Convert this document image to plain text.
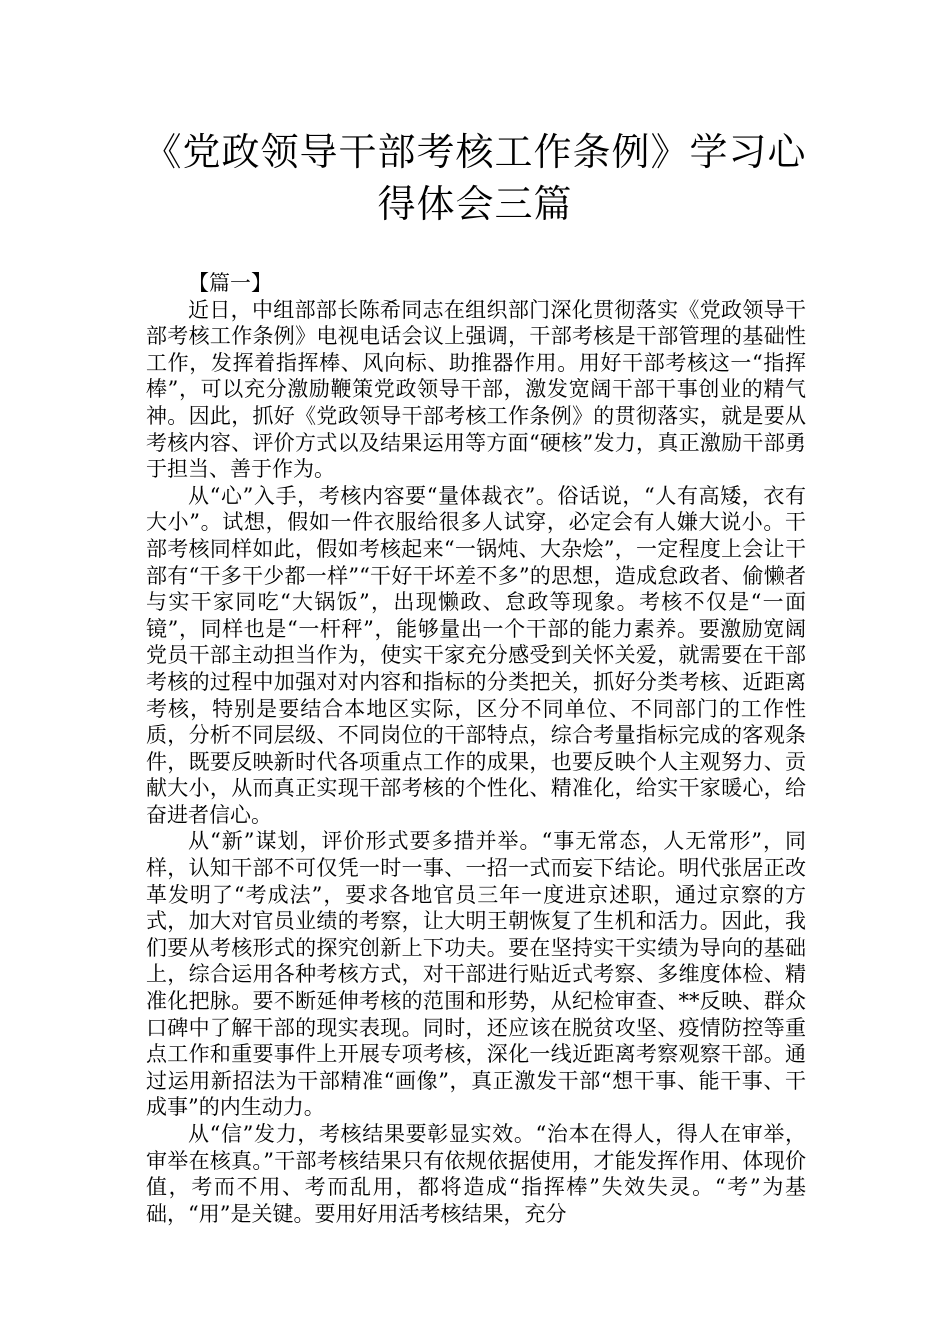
《党政领导干部考核工作条例》学习心
得体会三篇

【篇一】

近日，中组部部长陈希同志在组织部门深化贯彻落实《党政领导干部考核工作条例》电视电话会议上强调，干部考核是干部管理的基础性工作，发挥着指挥棒、风向标、助推器作用。用好干部考核这一“指挥棒”，可以充分激励鞭策党政领导干部，激发宽阔干部干事创业的精气神。因此，抓好《党政领导干部考核工作条例》的贯彻落实，就是要从考核内容、评价方式以及结果运用等方面“硬核”发力，真正激励干部勇于担当、善于作为。

从“心”入手，考核内容要“量体裁衣”。俗话说，“人有高矮，衣有大小”。试想，假如一件衣服给很多人试穿，必定会有人嫌大说小。干部考核同样如此，假如考核起来“一锅炖、大杂烩”，一定程度上会让干部有“干多干少都一样”“干好干坏差不多”的思想，造成怠政者、偷懒者与实干家同吃“大锅饭”，出现懒政、怠政等现象。考核不仅是“一面镜”，同样也是“一杆秤”，能够量出一个干部的能力素养。要激励宽阔党员干部主动担当作为，使实干家充分感受到关怀关爱，就需要在干部考核的过程中加强对对内容和指标的分类把关，抓好分类考核、近距离考核，特别是要结合本地区实际，区分不同单位、不同部门的工作性质，分析不同层级、不同岗位的干部特点，综合考量指标完成的客观条件，既要反映新时代各项重点工作的成果，也要反映个人主观努力、贡献大小，从而真正实现干部考核的个性化、精准化，给实干家暖心，给奋进者信心。

从“新”谋划，评价形式要多措并举。“事无常态，人无常形”，同样，认知干部不可仅凭一时一事、一招一式而妄下结论。明代张居正改革发明了“考成法”，要求各地官员三年一度进京述职，通过京察的方式，加大对官员业绩的考察，让大明王朝恢复了生机和活力。因此，我们要从考核形式的探究创新上下功夫。要在坚持实干实绩为导向的基础上，综合运用各种考核方式，对干部进行贴近式考察、多维度体检、精准化把脉。要不断延伸考核的范围和形势，从纪检审查、**反映、群众口碑中了解干部的现实表现。同时，还应该在脱贫攻坚、疫情防控等重点工作和重要事件上开展专项考核，深化一线近距离考察观察干部。通过运用新招法为干部精准“画像”，真正激发干部“想干事、能干事、干成事”的内生动力。

从“信”发力，考核结果要彰显实效。“治本在得人，得人在审举，审举在核真。”干部考核结果只有依规依据使用，才能发挥作用、体现价值，考而不用、考而乱用，都将造成“指挥棒”失效失灵。“考”为基础，“用”是关键。要用好用活考核结果，充分
